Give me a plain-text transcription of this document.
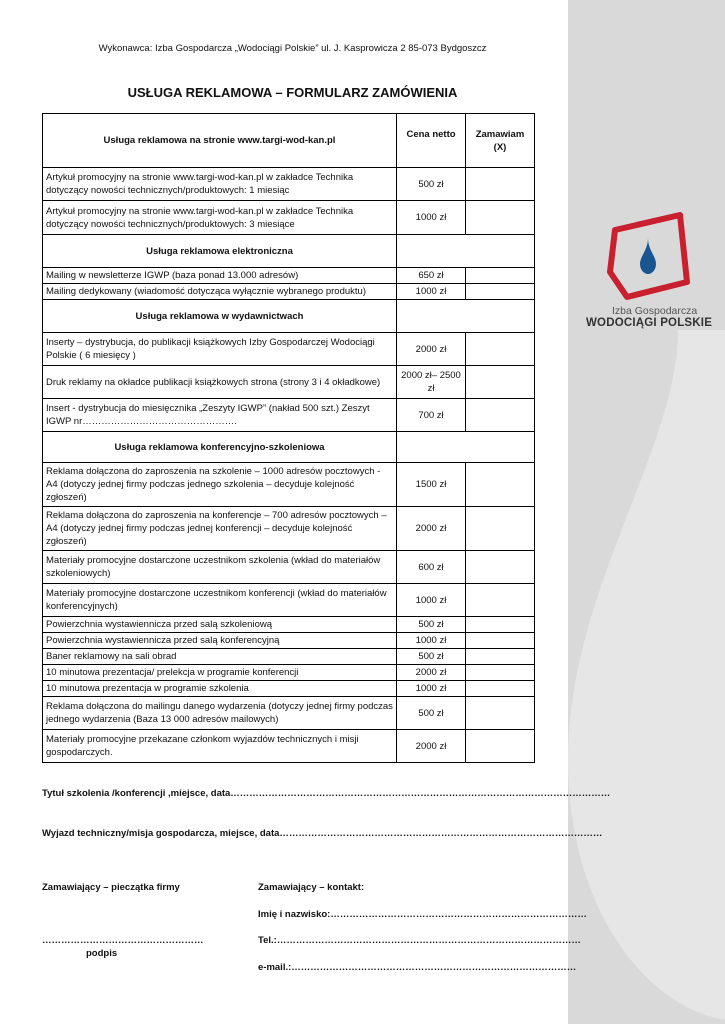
Izba Gospodarcza
WODOCIĄGI POLSKIE
Wykonawca: Izba Gospodarcza „Wodociągi Polskie” ul. J. Kasprowicza 2 85-073 Bydgoszcz
USŁUGA REKLAMOWA – FORMULARZ ZAMÓWIENIA
Usługa reklamowa na stronie www.targi-wod-kan.pl	Cena netto	Zamawiam (X)
Artykuł promocyjny na stronie www.targi-wod-kan.pl w zakładce Technika dotyczący nowości technicznych/produktowych: 1 miesiąc	500 zł	
Artykuł promocyjny na stronie www.targi-wod-kan.pl w zakładce Technika dotyczący nowości technicznych/produktowych: 3 miesiące	1000 zł	
Usługa reklamowa elektroniczna		
Mailing w newsletterze IGWP (baza ponad 13.000 adresów)	650 zł	
Mailing dedykowany (wiadomość dotycząca wyłącznie wybranego produktu)	1000 zł	
Usługa reklamowa w wydawnictwach		
Inserty – dystrybucja, do publikacji książkowych Izby Gospodarczej Wodociągi Polskie ( 6 miesięcy )	2000 zł	
Druk reklamy na okładce publikacji książkowych strona (strony 3 i 4 okładkowe)	2000 zł– 2500 zł	
Insert - dystrybucja do miesięcznika „Zeszyty IGWP” (nakład 500 szt.) Zeszyt IGWP nr………………………………………….	700 zł	
Usługa reklamowa konferencyjno-szkoleniowa		
Reklama dołączona do zaproszenia na szkolenie – 1000 adresów pocztowych - A4 (dotyczy jednej firmy podczas jednego szkolenia – decyduje kolejność zgłoszeń)	1500 zł	
Reklama dołączona do zaproszenia na konferencje – 700 adresów pocztowych – A4 (dotyczy jednej firmy podczas jednej konferencji – decyduje kolejność zgłoszeń)	2000 zł	
Materiały promocyjne dostarczone uczestnikom szkolenia (wkład do materiałów szkoleniowych)	600 zł	
Materiały promocyjne dostarczone uczestnikom konferencji (wkład do materiałów konferencyjnych)	1000 zł	
Powierzchnia wystawiennicza przed salą szkoleniową	500 zł	
Powierzchnia wystawiennicza przed salą konferencyjną	1000 zł	
Baner reklamowy na sali obrad	500 zł	
10 minutowa prezentacja/ prelekcja w programie konferencji	2000 zł	
10 minutowa prezentacja w programie szkolenia	1000 zł	
Reklama dołączona do mailingu danego wydarzenia (dotyczy jednej firmy podczas jednego wydarzenia (Baza 13 000 adresów mailowych)	500 zł	
Materiały promocyjne przekazane członkom wyjazdów technicznych i misji gospodarczych.	2000 zł	
Tytuł szkolenia /konferencji ,miejsce, data…………………………………………………………………………………………………………
Wyjazd techniczny/misja gospodarcza, miejsce, data…………………………………………………………………………………………
Zamawiający – pieczątka firmy	Zamawiający – kontakt:
Imię i nazwisko:………………………………………………………………………
……………………………………………	Tel.:……………………………………………………………………………………
podpis
e-mail.:………………………………………………………………………………
